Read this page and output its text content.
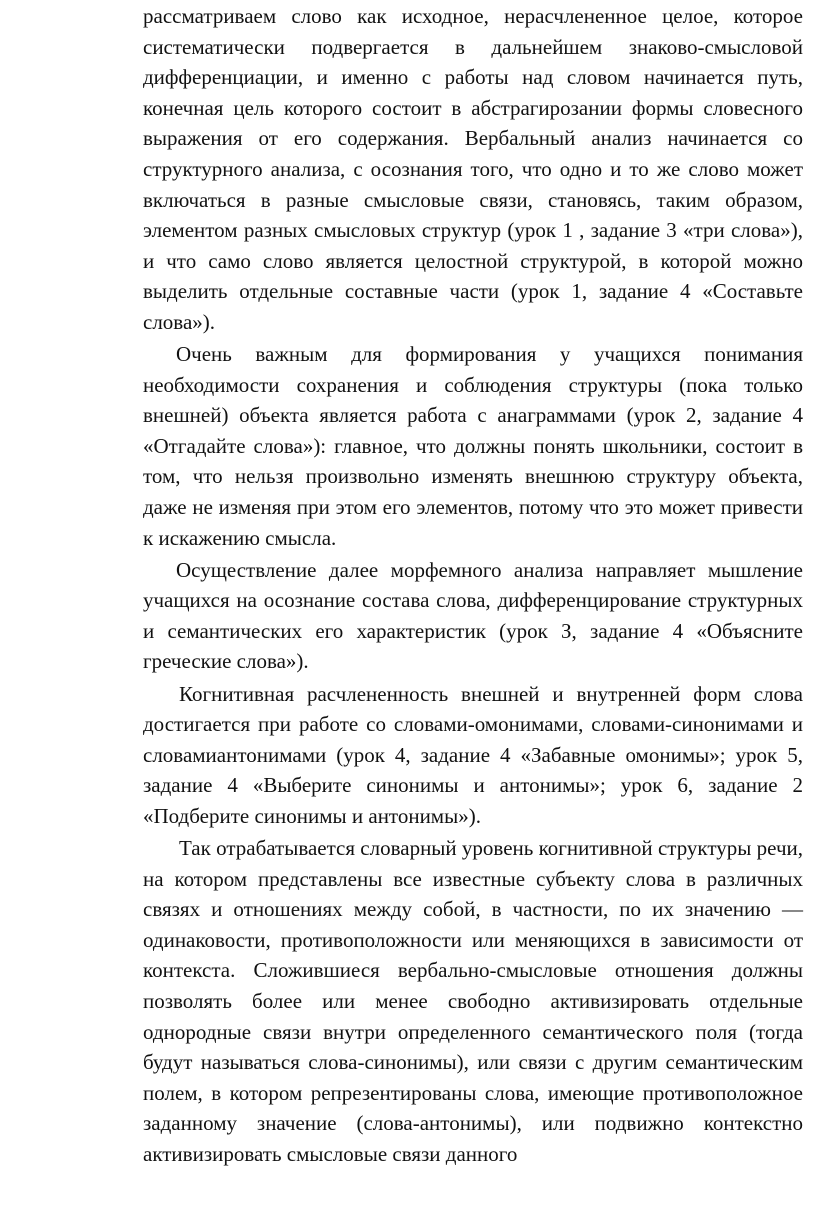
рассматриваем слово как исходное, нерасчлененное целое, которое систематически подвергается в дальнейшем знаково-смысловой дифференциации, и именно с работы над словом начинается путь, конечная цель которого состоит в абстрагирозании формы словесного выражения от его содержания. Вербальный анализ начинается со структурного анализа, с осознания того, что одно и то же слово может включаться в разные смысловые связи, становясь, таким образом, элементом разных смысловых структур (урок 1 , задание 3 «три слова»), и что само слово является целостной структурой, в которой можно выделить отдельные составные части (урок 1, задание 4 «Составьте слова»).

Очень важным для формирования у учащихся понимания необходимости сохранения и соблюдения структуры (пока только внешней) объекта является работа с анаграммами (урок 2, задание 4 «Отгадайте слова»): главное, что должны понять школьники, состоит в том, что нельзя произвольно изменять внешнюю структуру объекта, даже не изменяя при этом его элементов, потому что это может привести к искажению смысла.

Осуществление далее морфемного анализа направляет мышление учащихся на осознание состава слова, дифференцирование структурных и семантических его характеристик (урок З, задание 4 «Объясните греческие слова»).

Когнитивная расчлененность внешней и внутренней форм слова достигается при работе со словами-омонимами, словами-синонимами и словамиантонимами (урок 4, задание 4 «Забавные омонимы»; урок 5, задание 4 «Выберите синонимы и антонимы»; урок 6, задание 2 «Подберите синонимы и антонимы»).

Так отрабатывается словарный уровень когнитивной структуры речи, на котором представлены все известные субъекту слова в различных связях и отношениях между собой, в частности, по их значению — одинаковости, противоположности или меняющихся в зависимости от контекста. Сложившиеся вербально-смысловые отношения должны позволять более или менее свободно активизировать отдельные однородные связи внутри определенного семантического поля (тогда будут называться слова-синонимы), или связи с другим семантическим полем, в котором репрезентированы слова, имеющие противоположное заданному значение (слова-антонимы), или подвижно контекстно активизировать смысловые связи данного
